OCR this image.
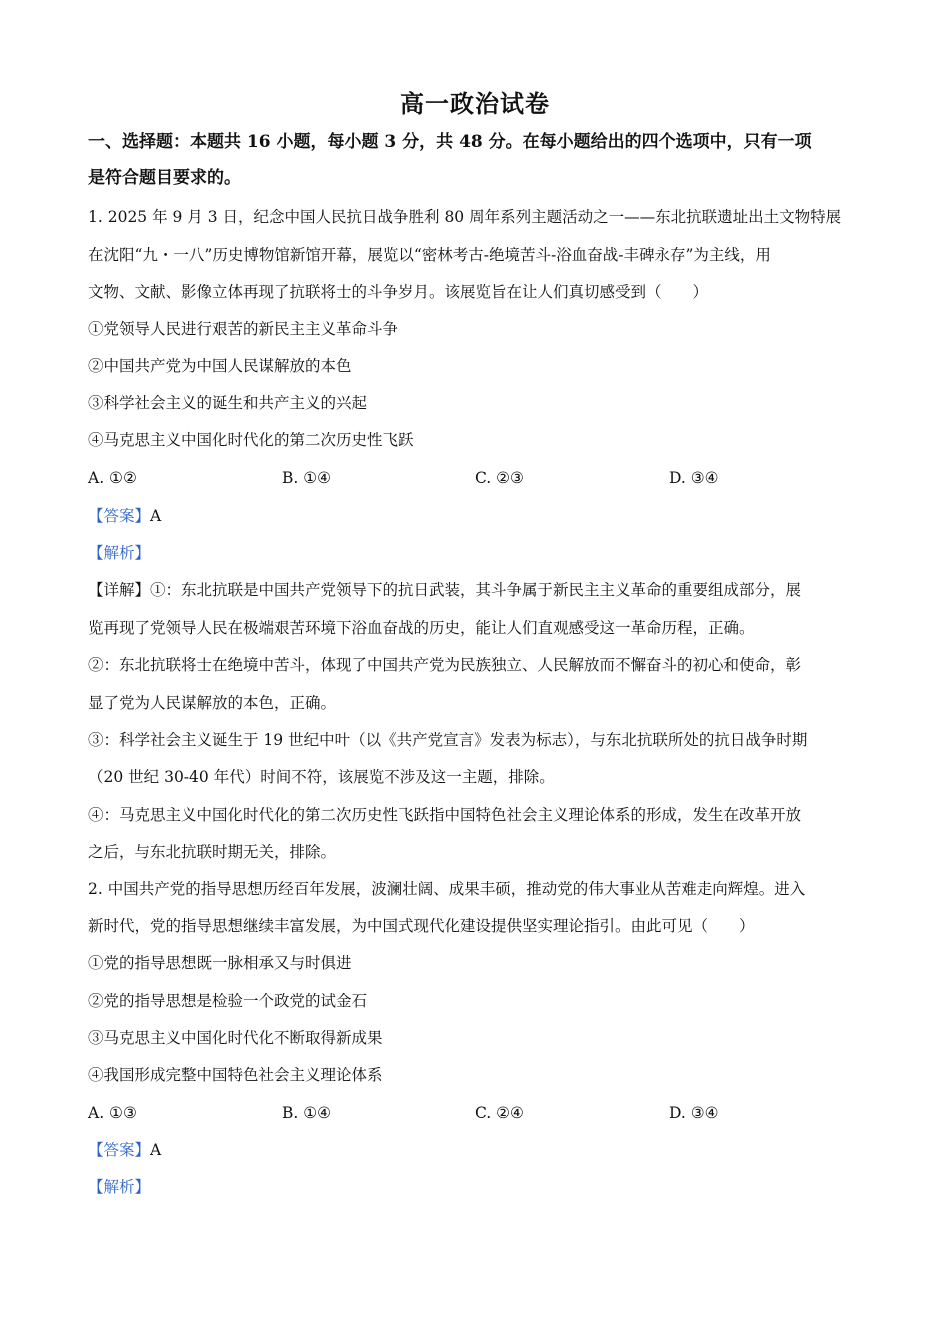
高一政治试卷
一、选择题：本题共 16 小题，每小题 3 分，共 48 分。在每小题给出的四个选项中，只有一项
是符合题目要求的。
1. 2025 年 9 月 3 日，纪念中国人民抗日战争胜利 80 周年系列主题活动之一——东北抗联遗址出土文物特展
在沈阳“九・一八”历史博物馆新馆开幕，展览以“密林考古-绝境苦斗-浴血奋战-丰碑永存”为主线，用
文物、文献、影像立体再现了抗联将士的斗争岁月。该展览旨在让人们真切感受到（　　）
①党领导人民进行艰苦的新民主主义革命斗争
②中国共产党为中国人民谋解放的本色
③科学社会主义的诞生和共产主义的兴起
④马克思主义中国化时代化的第二次历史性飞跃
A. ①②	B. ①④	C. ②③	D. ③④
【答案】A
【解析】
【详解】①：东北抗联是中国共产党领导下的抗日武装，其斗争属于新民主主义革命的重要组成部分，展
览再现了党领导人民在极端艰苦环境下浴血奋战的历史，能让人们直观感受这一革命历程，正确。
②：东北抗联将士在绝境中苦斗，体现了中国共产党为民族独立、人民解放而不懈奋斗的初心和使命，彰
显了党为人民谋解放的本色，正确。
③：科学社会主义诞生于 19 世纪中叶（以《共产党宣言》发表为标志），与东北抗联所处的抗日战争时期
（20 世纪 30-40 年代）时间不符，该展览不涉及这一主题，排除。
④：马克思主义中国化时代化的第二次历史性飞跃指中国特色社会主义理论体系的形成，发生在改革开放
之后，与东北抗联时期无关，排除。
2. 中国共产党的指导思想历经百年发展，波澜壮阔、成果丰硕，推动党的伟大事业从苦难走向辉煌。进入
新时代，党的指导思想继续丰富发展，为中国式现代化建设提供坚实理论指引。由此可见（　　）
①党的指导思想既一脉相承又与时俱进
②党的指导思想是检验一个政党的试金石
③马克思主义中国化时代化不断取得新成果
④我国形成完整中国特色社会主义理论体系
A. ①③	B. ①④	C. ②④	D. ③④
【答案】A
【解析】
